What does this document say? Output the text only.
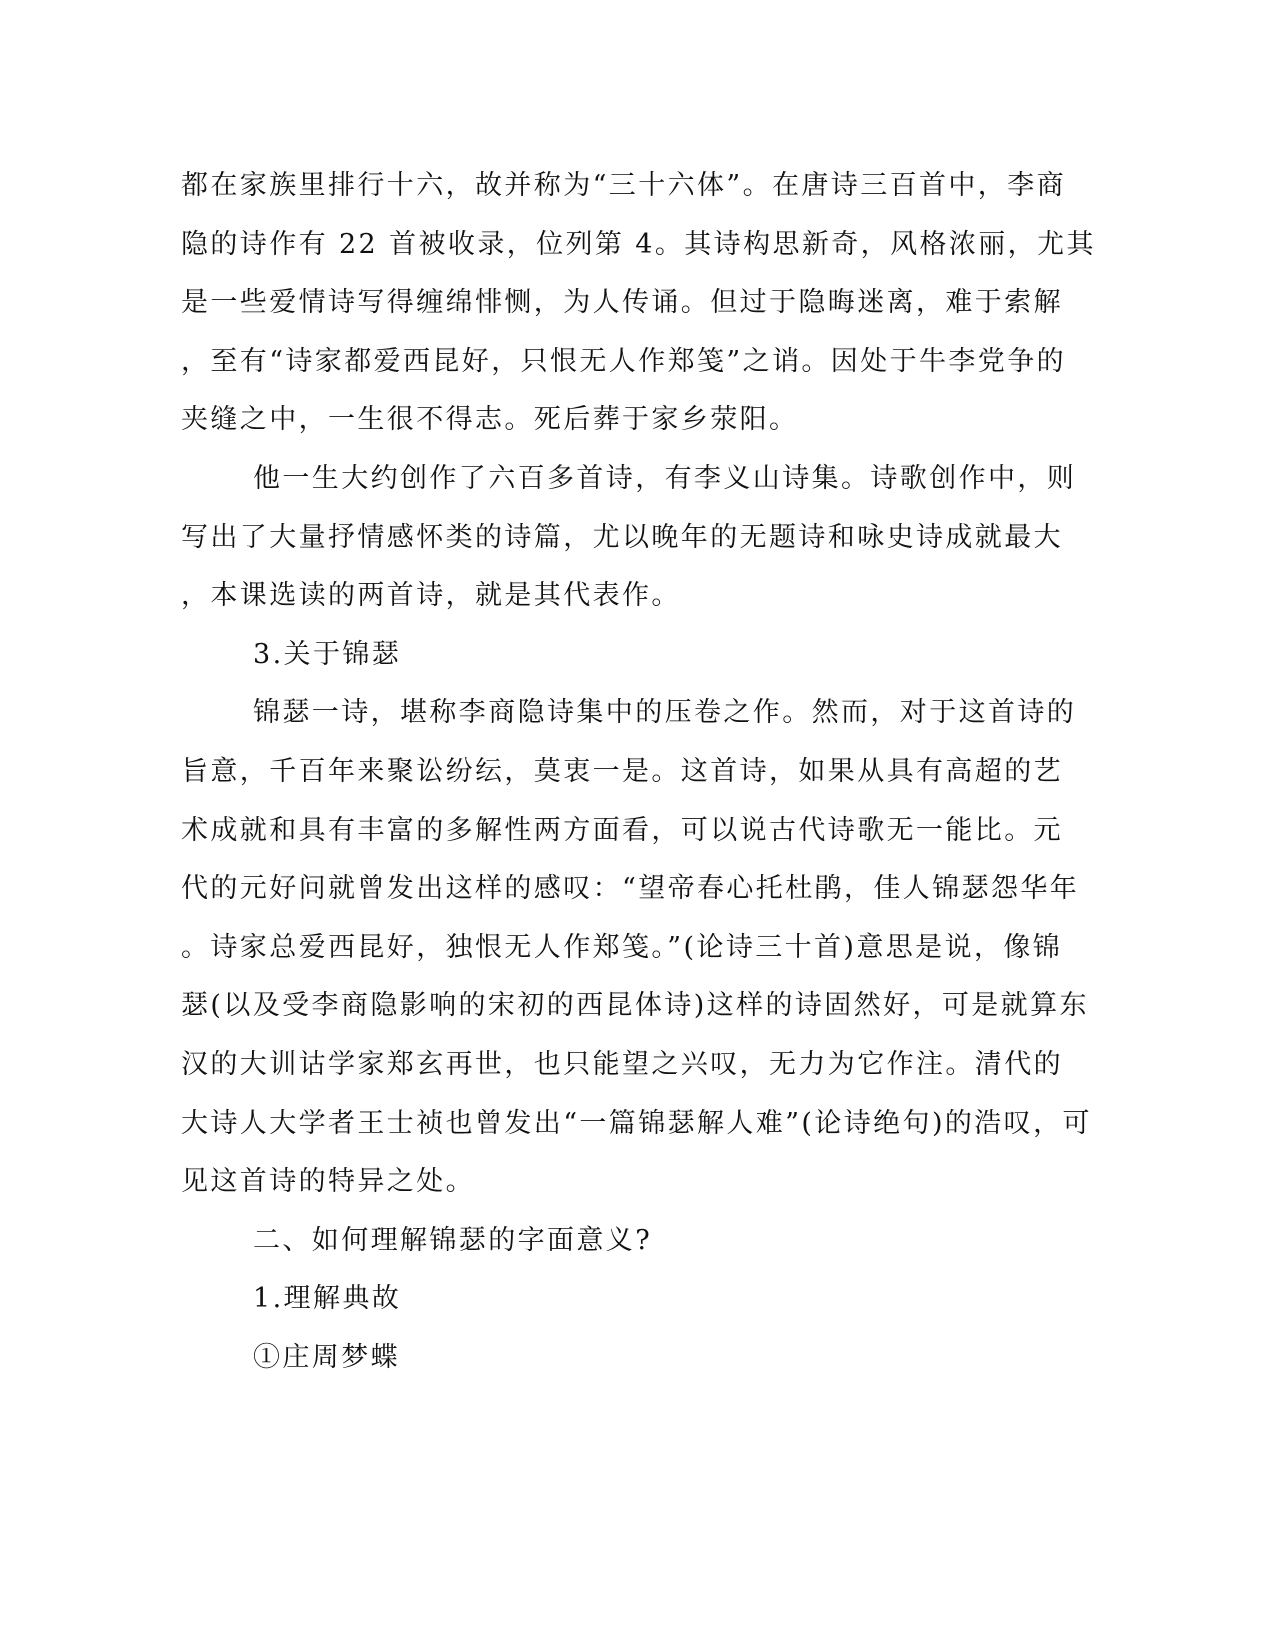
都在家族里排行十六，故并称为“三十六体”。在唐诗三百首中，李商
隐的诗作有 22 首被收录，位列第 4。其诗构思新奇，风格浓丽，尤其
是一些爱情诗写得缠绵悱恻，为人传诵。但过于隐晦迷离，难于索解
，至有“诗家都爱西昆好，只恨无人作郑笺”之诮。因处于牛李党争的
夹缝之中，一生很不得志。死后葬于家乡荥阳。
他一生大约创作了六百多首诗，有李义山诗集。诗歌创作中，则
写出了大量抒情感怀类的诗篇，尤以晚年的无题诗和咏史诗成就最大
，本课选读的两首诗，就是其代表作。
3.关于锦瑟
锦瑟一诗，堪称李商隐诗集中的压卷之作。然而，对于这首诗的
旨意，千百年来聚讼纷纭，莫衷一是。这首诗，如果从具有高超的艺
术成就和具有丰富的多解性两方面看，可以说古代诗歌无一能比。元
代的元好问就曾发出这样的感叹：“望帝春心托杜鹃，佳人锦瑟怨华年
。诗家总爱西昆好，独恨无人作郑笺。”(论诗三十首)意思是说，像锦
瑟(以及受李商隐影响的宋初的西昆体诗)这样的诗固然好，可是就算东
汉的大训诂学家郑玄再世，也只能望之兴叹，无力为它作注。清代的
大诗人大学者王士祯也曾发出“一篇锦瑟解人难”(论诗绝句)的浩叹，可
见这首诗的特异之处。
二、如何理解锦瑟的字面意义?
1.理解典故
①庄周梦蝶
